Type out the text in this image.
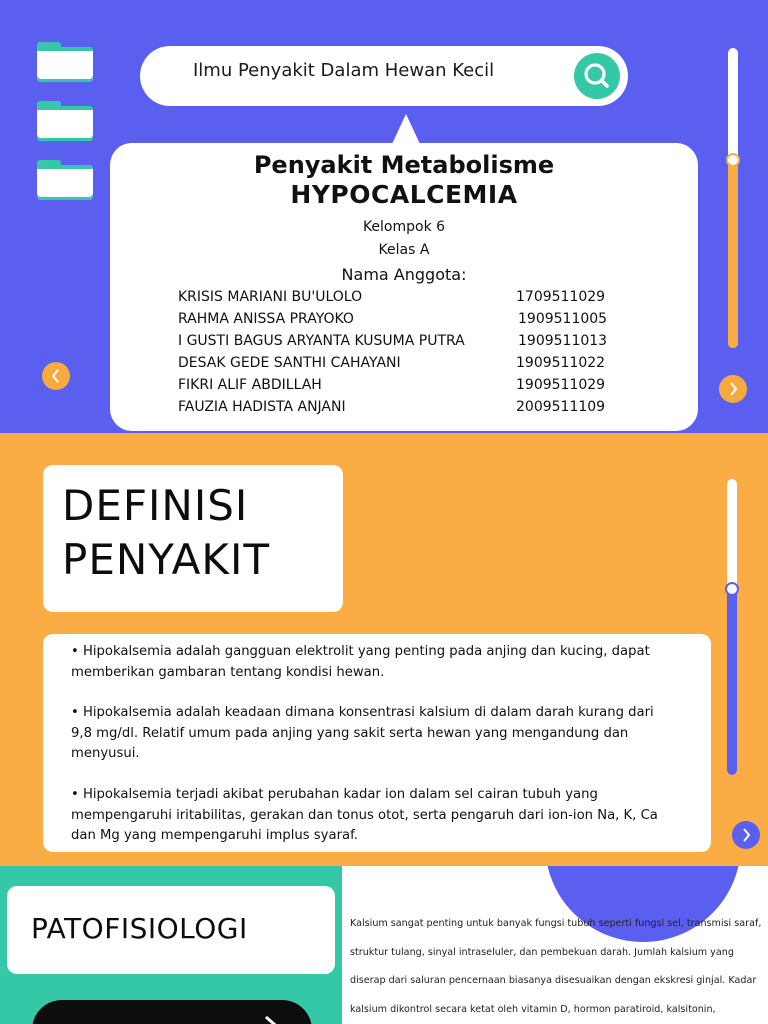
Ilmu Penyakit Dalam Hewan Kecil
Penyakit Metabolisme
HYPOCALCEMIA
Kelompok 6
Kelas A
Nama Anggota:
KRISIS MARIANI BU'ULOLO	1709511029
RAHMA ANISSA PRAYOKO	1909511005
I GUSTI BAGUS ARYANTA KUSUMA PUTRA	1909511013
DESAK GEDE SANTHI CAHAYANI	1909511022
FIKRI ALIF ABDILLAH	1909511029
FAUZIA HADISTA ANJANI	2009511109
DEFINISI
PENYAKIT
• Hipokalsemia adalah gangguan elektrolit yang penting pada anjing dan kucing, dapat memberikan gambaran tentang kondisi hewan.
• Hipokalsemia adalah keadaan dimana konsentrasi kalsium di dalam darah kurang dari 9,8 mg/dl. Relatif umum pada anjing yang sakit serta hewan yang mengandung dan menyusui.
• Hipokalsemia terjadi akibat perubahan kadar ion dalam sel cairan tubuh yang mempengaruhi iritabilitas, gerakan dan tonus otot, serta pengaruh dari ion-ion Na, K, Ca dan Mg yang mempengaruhi implus syaraf.
PATOFISIOLOGI	Kalsium sangat penting untuk banyak fungsi tubuh seperti fungsi sel, transmisi saraf, struktur tulang, sinyal intraseluler, dan pembekuan darah. Jumlah kalsium yang diserap dari saluran pencernaan biasanya disesuaikan dengan ekskresi ginjal. Kadar kalsium dikontrol secara ketat oleh vitamin D, hormon paratiroid, kalsitonin,
